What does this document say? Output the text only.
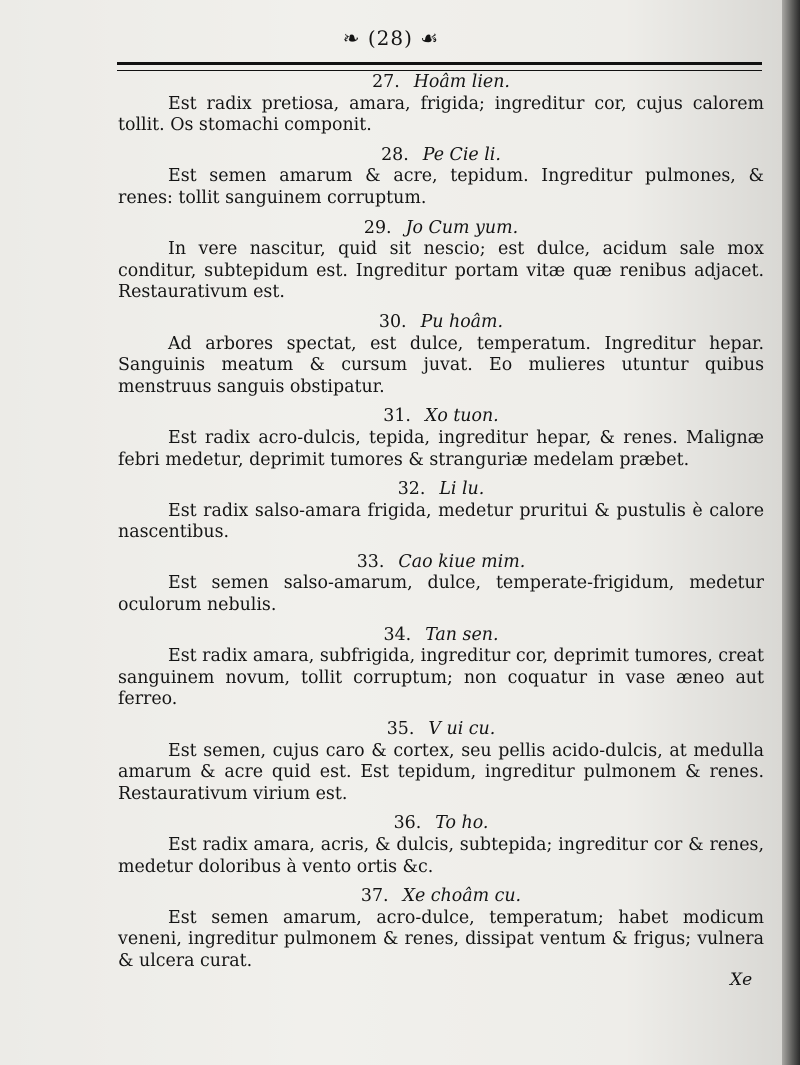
❧ (28) ☙
27. Hoâm lien.

Est radix pretiosa, amara, frigida; ingreditur cor, cujus calorem tollit. Os stomachi componit.

28. Pe Cie li.

Est semen amarum & acre, tepidum. Ingreditur pulmones, & renes: tollit sanguinem corruptum.

29. Jo Cum yum.

In vere nascitur, quid sit nescio; est dulce, acidum sale mox conditur, subtepidum est. Ingreditur portam vitæ quæ renibus adjacet. Restaurativum est.

30. Pu hoâm.

Ad arbores spectat, est dulce, temperatum. Ingreditur hepar. Sanguinis meatum & cursum juvat. Eo mulieres utuntur quibus menstruus sanguis obstipatur.

31. Xo tuon.

Est radix acro-dulcis, tepida, ingreditur hepar, & renes. Malignæ febri medetur, deprimit tumores & stranguriæ medelam præbet.

32. Li lu.

Est radix salso-amara frigida, medetur pruritui & pustulis è calore nascentibus.

33. Cao kiue mim.

Est semen salso-amarum, dulce, temperate-frigidum, medetur oculorum nebulis.

34. Tan sen.

Est radix amara, subfrigida, ingreditur cor, deprimit tumores, creat sanguinem novum, tollit corruptum; non coquatur in vase æneo aut ferreo.

35. V ui cu.

Est semen, cujus caro & cortex, seu pellis acido-dulcis, at medulla amarum & acre quid est. Est tepidum, ingreditur pulmonem & renes. Restaurativum virium est.

36. To ho.

Est radix amara, acris, & dulcis, subtepida; ingreditur cor & renes, medetur doloribus à vento ortis &c.

37. Xe choâm cu.

Est semen amarum, acro-dulce, temperatum; habet modicum veneni, ingreditur pulmonem & renes, dissipat ventum & frigus; vulnera & ulcera curat.

Xe
